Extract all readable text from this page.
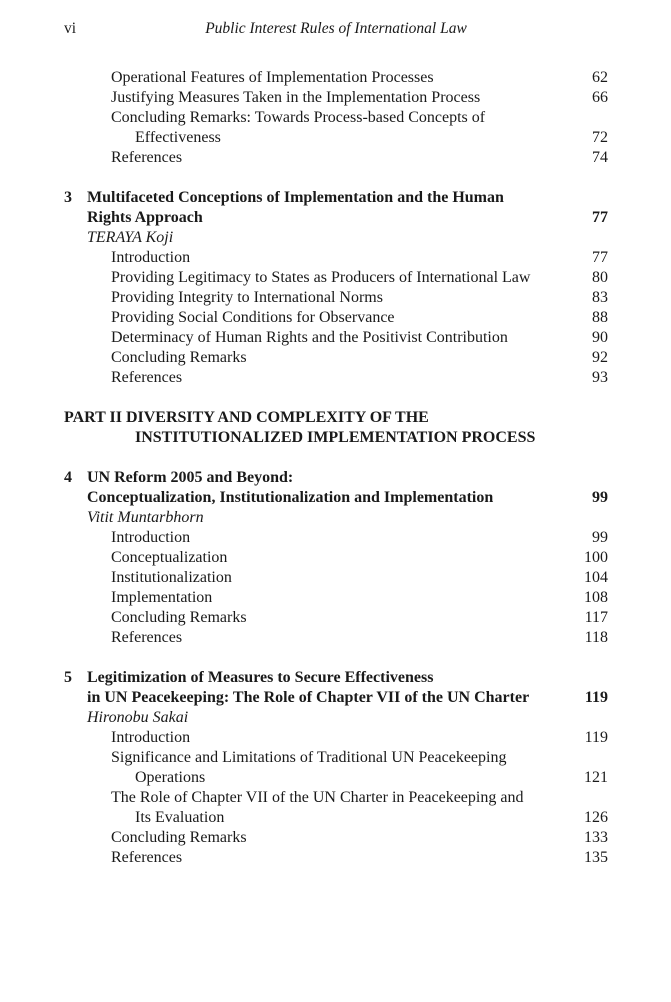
vi	Public Interest Rules of International Law
Operational Features of Implementation Processes	62
Justifying Measures Taken in the Implementation Process	66
Concluding Remarks: Towards Process-based Concepts of
Effectiveness	72
References	74
3 Multifaceted Conceptions of Implementation and the Human
Rights Approach	77
TERAYA Koji
Introduction	77
Providing Legitimacy to States as Producers of International Law	80
Providing Integrity to International Norms	83
Providing Social Conditions for Observance	88
Determinacy of Human Rights and the Positivist Contribution	90
Concluding Remarks	92
References	93
PART II DIVERSITY AND COMPLEXITY OF THE
INSTITUTIONALIZED IMPLEMENTATION PROCESS
4 UN Reform 2005 and Beyond:
Conceptualization, Institutionalization and Implementation	99
Vitit Muntarbhorn
Introduction	99
Conceptualization	100
Institutionalization	104
Implementation	108
Concluding Remarks	117
References	118
5 Legitimization of Measures to Secure Effectiveness
in UN Peacekeeping: The Role of Chapter VII of the UN Charter	119
Hironobu Sakai
Introduction	119
Significance and Limitations of Traditional UN Peacekeeping
Operations	121
The Role of Chapter VII of the UN Charter in Peacekeeping and
Its Evaluation	126
Concluding Remarks	133
References	135
